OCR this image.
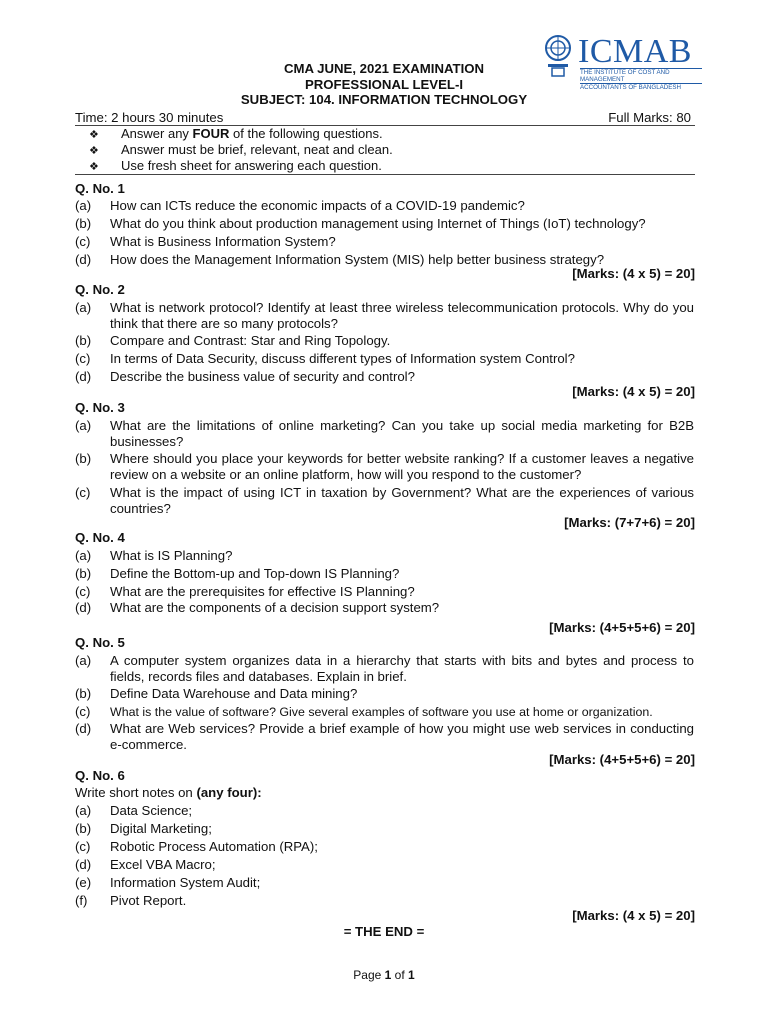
ICMAB
THE INSTITUTE OF COST AND MANAGEMENT
ACCOUNTANTS OF BANGLADESH
CMA JUNE, 2021 EXAMINATION
PROFESSIONAL LEVEL-I
SUBJECT: 104. INFORMATION TECHNOLOGY
Time: 2 hours 30 minutes	Full Marks: 80
❖ Answer any FOUR of the following questions.
❖ Answer must be brief, relevant, neat and clean.
❖ Use fresh sheet for answering each question.
Q. No. 1
(a) How can ICTs reduce the economic impacts of a COVID-19 pandemic?
(b) What do you think about production management using Internet of Things (IoT) technology?
(c) What is Business Information System?
(d) How does the Management Information System (MIS) help better business strategy?
[Marks: (4 x 5) = 20]
Q. No. 2
(a) What is network protocol? Identify at least three wireless telecommunication protocols. Why do you think that there are so many protocols?
(b) Compare and Contrast: Star and Ring Topology.
(c) In terms of Data Security, discuss different types of Information system Control?
(d) Describe the business value of security and control?
[Marks: (4 x 5) = 20]
Q. No. 3
(a) What are the limitations of online marketing? Can you take up social media marketing for B2B businesses?
(b) Where should you place your keywords for better website ranking? If a customer leaves a negative review on a website or an online platform, how will you respond to the customer?
(c) What is the impact of using ICT in taxation by Government? What are the experiences of various countries?
[Marks: (7+7+6) = 20]
Q. No. 4
(a) What is IS Planning?
(b) Define the Bottom-up and Top-down IS Planning?
(c) What are the prerequisites for effective IS Planning?
(d) What are the components of a decision support system?
[Marks: (4+5+5+6) = 20]
Q. No. 5
(a) A computer system organizes data in a hierarchy that starts with bits and bytes and process to fields, records files and databases. Explain in brief.
(b) Define Data Warehouse and Data mining?
(c) What is the value of software? Give several examples of software you use at home or organization.
(d) What are Web services? Provide a brief example of how you might use web services in conducting e-commerce.
[Marks: (4+5+5+6) = 20]
Q. No. 6
Write short notes on (any four):
(a) Data Science;
(b) Digital Marketing;
(c) Robotic Process Automation (RPA);
(d) Excel VBA Macro;
(e) Information System Audit;
(f) Pivot Report.
[Marks: (4 x 5) = 20]
= THE END =
Page 1 of 1
